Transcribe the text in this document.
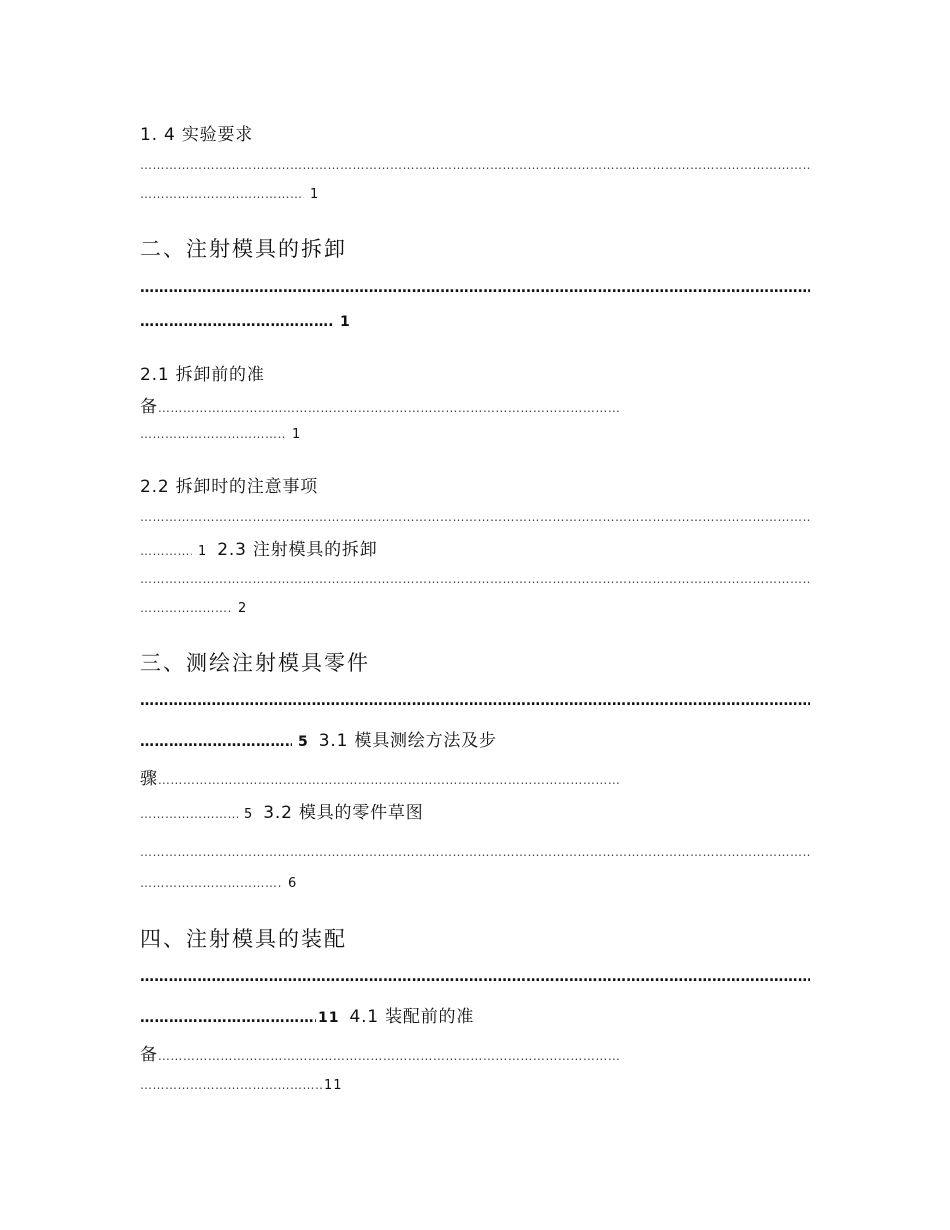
1. 4 实验要求
…………………………………………………………………………………………………………………………………………………………………………………………………………………………………………………………………………………………………………………………………
…………………………………………………………………………………………………
1
二、注射模具的拆卸
…………………………………………………………………………………………………………………………………………………………………………………………………………………………………………………………………………………………………………………………………
…………………………………………………………………………………………………
1
2.1 拆卸前的准
备
…………………………………………………………………………………………………
…………………………………………………………………………………………………
1
2.2 拆卸时的注意事项
…………………………………………………………………………………………………………………………………………………………………………………………………………………………………………………………………………………………………………………………………
…………………………………………………………………………………………………
1 2.3 注射模具的拆卸
…………………………………………………………………………………………………………………………………………………………………………………………………………………………………………………………………………………………………………………………………
…………………………………………………………………………………………………
2
三、测绘注射模具零件
…………………………………………………………………………………………………………………………………………………………………………………………………………………………………………………………………………………………………………………………………
…………………………………………………………………………………………………
5 3.1 模具测绘方法及步
骤
…………………………………………………………………………………………………
…………………………………………………………………………………………………
5 3.2 模具的零件草图
…………………………………………………………………………………………………………………………………………………………………………………………………………………………………………………………………………………………………………………………………
…………………………………………………………………………………………………
6
四、注射模具的装配
…………………………………………………………………………………………………………………………………………………………………………………………………………………………………………………………………………………………………………………………………
…………………………………………………………………………………………………
11 4.1 装配前的准
备
…………………………………………………………………………………………………
…………………………………………………………………………………………………
11
